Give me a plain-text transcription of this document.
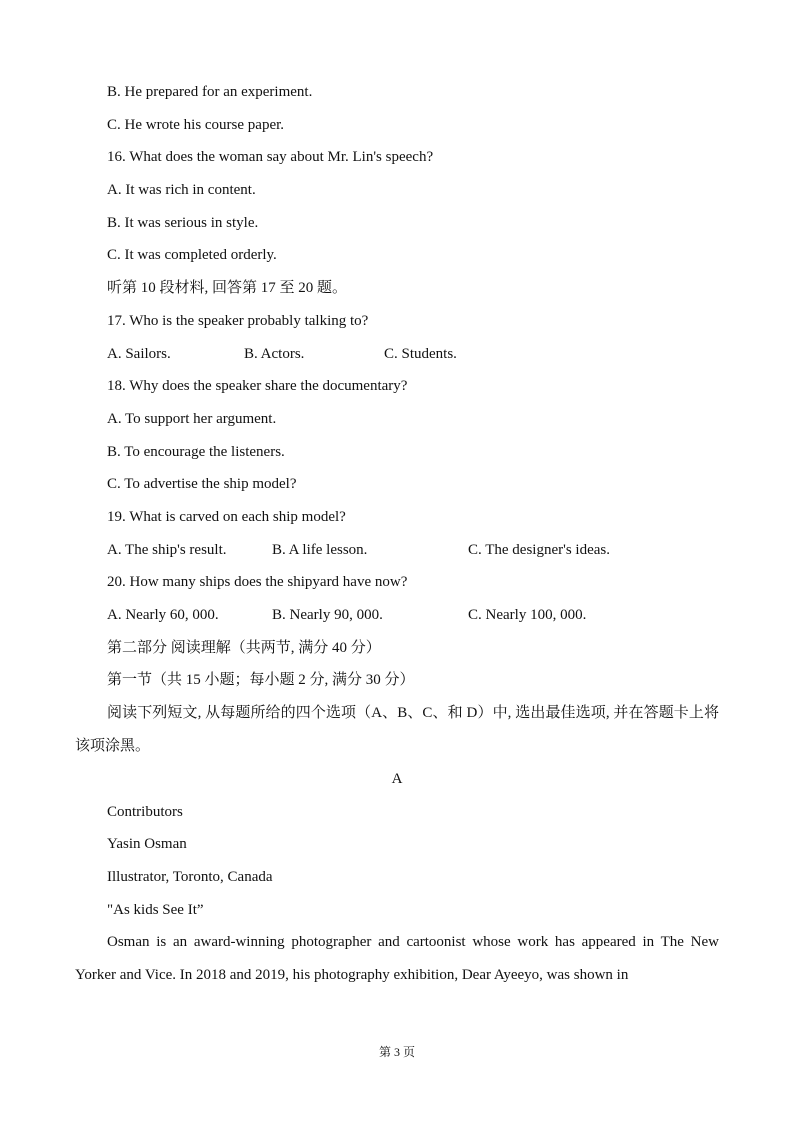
B. He prepared for an experiment.
C. He wrote his course paper.
16. What does the woman say about Mr. Lin's speech?
A. It was rich in content.
B. It was serious in style.
C. It was completed orderly.
听第 10 段材料, 回答第 17 至 20 题。
17. Who is the speaker probably talking to?
A. Sailors.	B. Actors.	C. Students.
18. Why does the speaker share the documentary?
A. To support her argument.
B. To encourage the listeners.
C. To advertise the ship model?
19. What is carved on each ship model?
A. The ship's result.	B. A life lesson.	C. The designer's ideas.
20. How many ships does the shipyard have now?
A. Nearly 60, 000.	B. Nearly 90, 000.	C. Nearly 100, 000.
第二部分 阅读理解（共两节, 满分 40 分）
第一节（共 15 小题；每小题 2 分, 满分 30 分）
阅读下列短文, 从每题所给的四个选项（A、B、C、和 D）中, 选出最佳选项, 并在答题卡上将该项涂黑。
A
Contributors
Yasin Osman
Illustrator, Toronto, Canada
"As kids See It”
Osman is an award-winning photographer and cartoonist whose work has appeared in The New Yorker and Vice. In 2018 and 2019, his photography exhibition, Dear Ayeeyo, was shown in
第 3 页
